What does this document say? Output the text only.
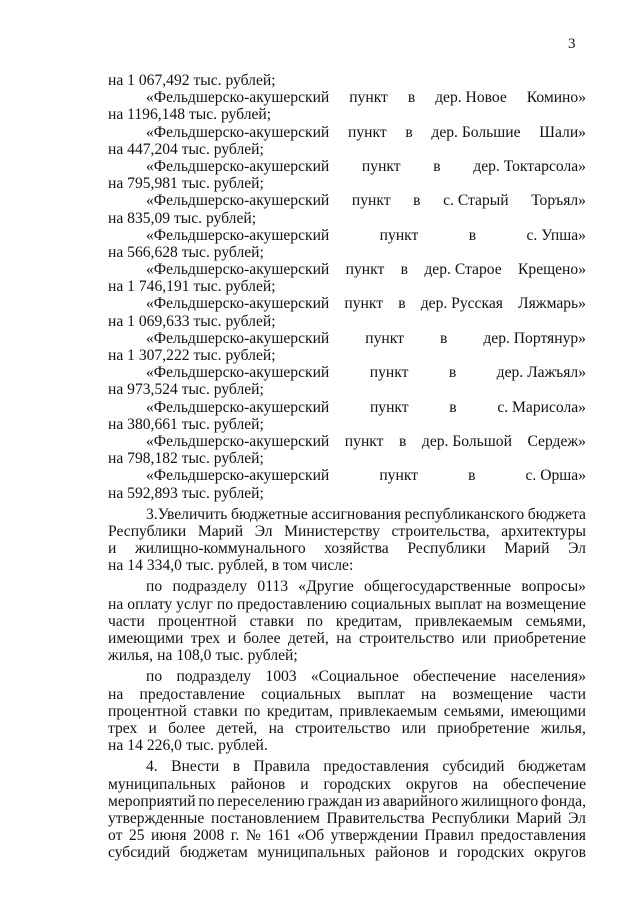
3
на 1 067,492 тыс. рублей;
«Фельдшерско-акушерский пункт в дер. Новое Комино»
на 1196,148 тыс. рублей;
«Фельдшерско-акушерский пункт в дер. Большие Шали»
на 447,204 тыс. рублей;
«Фельдшерско-акушерский пункт в дер. Токтарсола»
на 795,981 тыс. рублей;
«Фельдшерско-акушерский пункт в с. Старый Торъял»
на 835,09 тыс. рублей;
«Фельдшерско-акушерский	пункт	в	с. Упша»
на 566,628 тыс. рублей;
«Фельдшерско-акушерский пункт в дер. Старое Крещено»
на 1 746,191 тыс. рублей;
«Фельдшерско-акушерский пункт в дер. Русская Ляжмарь»
на 1 069,633 тыс. рублей;
«Фельдшерско-акушерский пункт в дер. Портянур»
на 1 307,222 тыс. рублей;
«Фельдшерско-акушерский	пункт	в	дер. Лажъял»
на 973,524 тыс. рублей;
«Фельдшерско-акушерский	пункт	в	с. Марисола»
на 380,661 тыс. рублей;
«Фельдшерско-акушерский пункт в дер. Большой Сердеж»
на 798,182 тыс. рублей;
«Фельдшерско-акушерский	пункт	в	с. Орша»
на 592,893 тыс. рублей;
3.Увеличить бюджетные ассигнования республиканского бюджета
Республики Марий Эл Министерству строительства, архитектуры
и жилищно-коммунального хозяйства Республики Марий Эл
на 14 334,0 тыс. рублей, в том числе:
по подразделу 0113 «Другие общегосударственные вопросы»
на оплату услуг по предоставлению социальных выплат на возмещение
части процентной ставки по кредитам, привлекаемым семьями,
имеющими трех и более детей, на строительство или приобретение
жилья, на 108,0 тыс. рублей;
по подразделу 1003 «Социальное обеспечение населения»
на предоставление социальных выплат на возмещение части
процентной ставки по кредитам, привлекаемым семьями, имеющими
трех и более детей, на строительство или приобретение жилья,
на 14 226,0 тыс. рублей.
4. Внести в Правила предоставления субсидий бюджетам
муниципальных районов и городских округов на обеспечение
мероприятий по переселению граждан из аварийного жилищного фонда,
утвержденные постановлением Правительства Республики Марий Эл
от 25 июня 2008 г. № 161 «Об утверждении Правил предоставления
субсидий бюджетам муниципальных районов и городских округов
